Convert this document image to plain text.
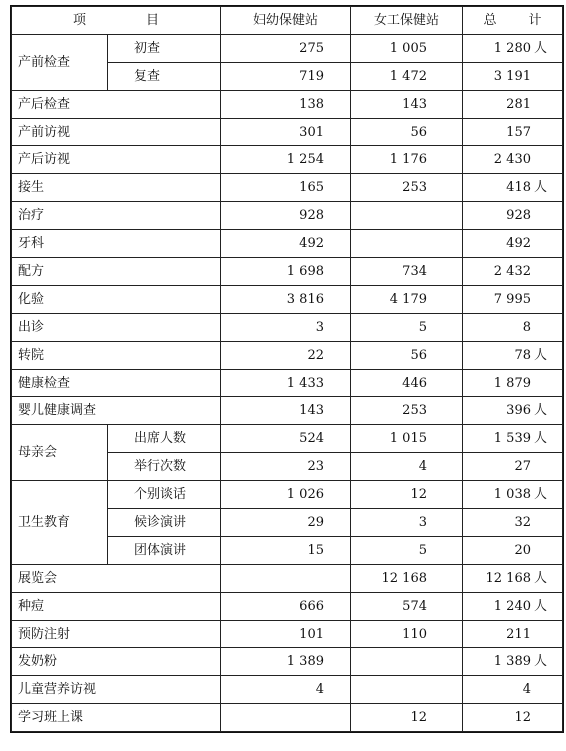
项 目		妇幼保健站	女工保健站	总 计
产前检查	初查	275	1 005	1 280 人
	复查	719	1 472	3 191
产后检查		138	143	281
产前访视		301	56	157
产后访视		1 254	1 176	2 430
接生		165	253	418 人
治疗		928		928
牙科		492		492
配方		1 698	734	2 432
化验		3 816	4 179	7 995
出诊		3	5	8
转院		22	56	78 人
健康检查		1 433	446	1 879
婴儿健康调查		143	253	396 人
母亲会	出席人数	524	1 015	1 539 人
	举行次数	23	4	27
卫生教育	个别谈话	1 026	12	1 038 人
	候诊演讲	29	3	32
	团体演讲	15	5	20
展览会			12 168	12 168 人
种痘		666	574	1 240 人
预防注射		101	110	211
发奶粉		1 389		1 389 人
儿童营养访视		4		4
学习班上课			12	12
